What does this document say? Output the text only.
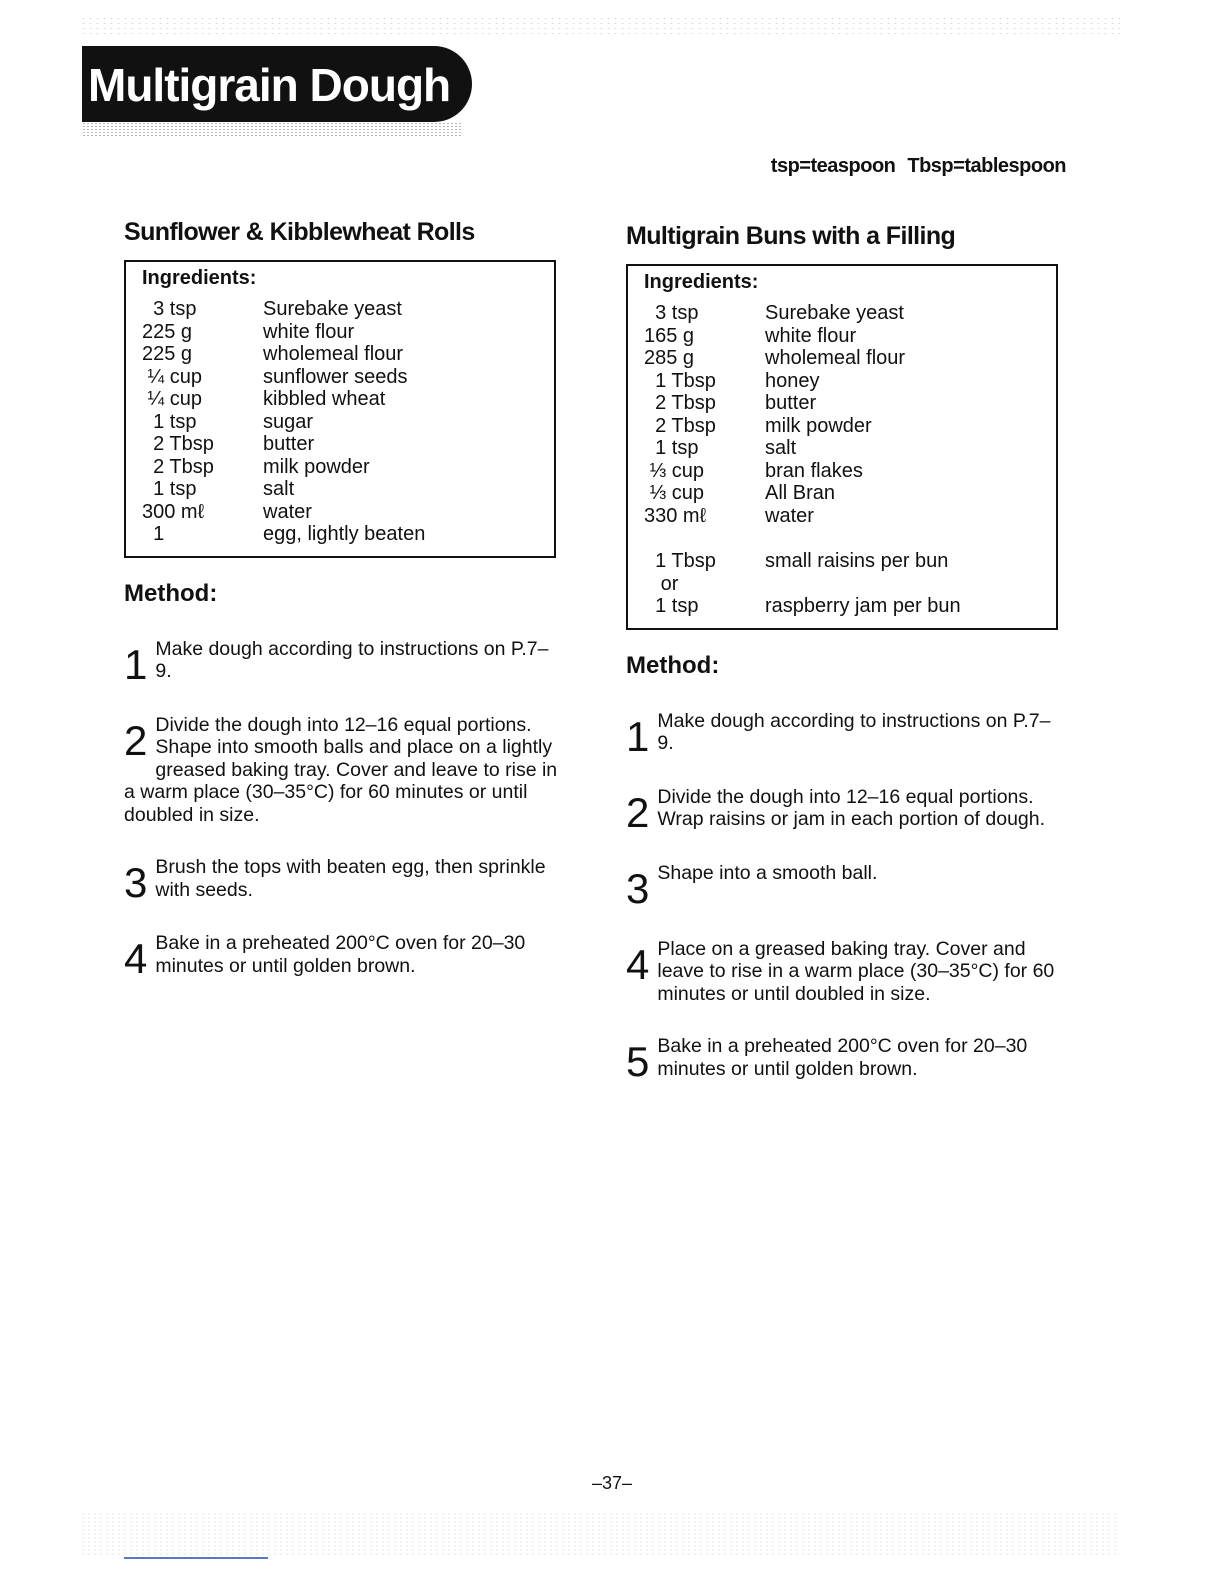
Multigrain Dough
tsp=teaspoon Tbsp=tablespoon
Sunflower & Kibblewheat Rolls
Ingredients:
3 tsp	Surebake yeast
225 g	white flour
225 g	wholemeal flour
¼ cup	sunflower seeds
¼ cup	kibbled wheat
1 tsp	sugar
2 Tbsp	butter
2 Tbsp	milk powder
1 tsp	salt
300 mℓ	water
1	egg, lightly beaten
Method:
1 Make dough according to instructions on P.7–9.
2 Divide the dough into 12–16 equal portions. Shape into smooth balls and place on a lightly greased baking tray. Cover and leave to rise in a warm place (30–35°C) for 60 minutes or until doubled in size.
3 Brush the tops with beaten egg, then sprinkle with seeds.
4 Bake in a preheated 200°C oven for 20–30 minutes or until golden brown.
Multigrain Buns with a Filling
Ingredients:
3 tsp	Surebake yeast
165 g	white flour
285 g	wholemeal flour
1 Tbsp	honey
2 Tbsp	butter
2 Tbsp	milk powder
1 tsp	salt
⅓ cup	bran flakes
⅓ cup	All Bran
330 mℓ	water
1 Tbsp	small raisins per bun
or
1 tsp	raspberry jam per bun
Method:
1 Make dough according to instructions on P.7–9.
2 Divide the dough into 12–16 equal portions. Wrap raisins or jam in each portion of dough.
3 Shape into a smooth ball.
4 Place on a greased baking tray. Cover and leave to rise in a warm place (30–35°C) for 60 minutes or until doubled in size.
5 Bake in a preheated 200°C oven for 20–30 minutes or until golden brown.
–37–
